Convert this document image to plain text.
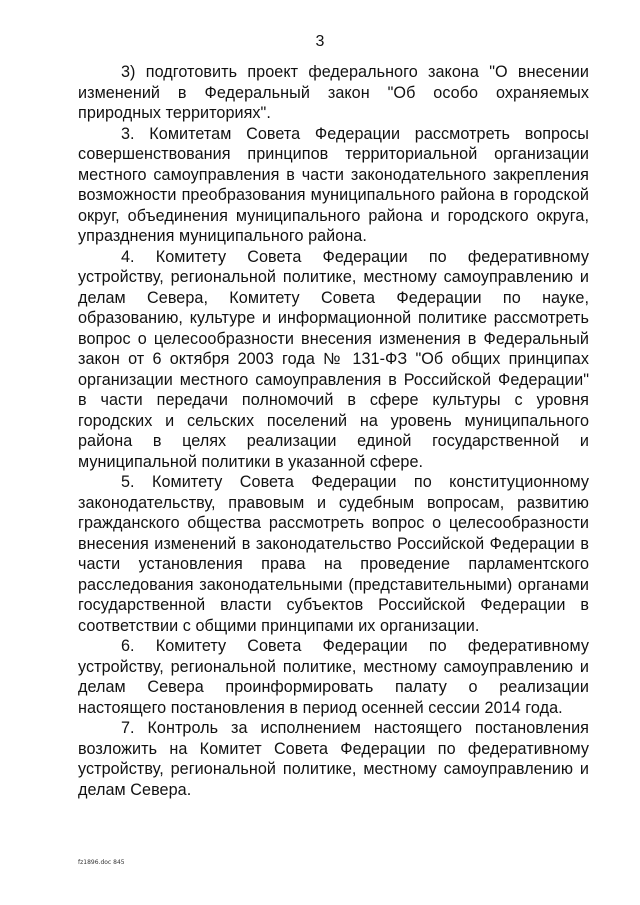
3

3) подготовить проект федерального закона "О внесении изменений в Федеральный закон "Об особо охраняемых природных территориях".

3. Комитетам Совета Федерации рассмотреть вопросы совершенствования принципов территориальной организации местного самоуправления в части законодательного закрепления возможности преобразования муниципального района в городской округ, объединения муниципального района и городского округа, упразднения муниципального района.

4. Комитету Совета Федерации по федеративному устройству, региональной политике, местному самоуправлению и делам Севера, Комитету Совета Федерации по науке, образованию, культуре и информационной политике рассмотреть вопрос о целесообразности внесения изменения в Федеральный закон от 6 октября 2003 года № 131-ФЗ "Об общих принципах организации местного самоуправления в Российской Федерации" в части передачи полномочий в сфере культуры с уровня городских и сельских поселений на уровень муниципального района в целях реализации единой государственной и муниципальной политики в указанной сфере.

5. Комитету Совета Федерации по конституционному законодательству, правовым и судебным вопросам, развитию гражданского общества рассмотреть вопрос о целесообразности внесения изменений в законодательство Российской Федерации в части установления права на проведение парламентского расследования законодательными (представительными) органами государственной власти субъектов Российской Федерации в соответствии с общими принципами их организации.

6. Комитету Совета Федерации по федеративному устройству, региональной политике, местному самоуправлению и делам Севера проинформировать палату о реализации настоящего постановления в период осенней сессии 2014 года.

7. Контроль за исполнением настоящего постановления возложить на Комитет Совета Федерации по федеративному устройству, региональной политике, местному самоуправлению и делам Севера.

fz1896.doc 845
